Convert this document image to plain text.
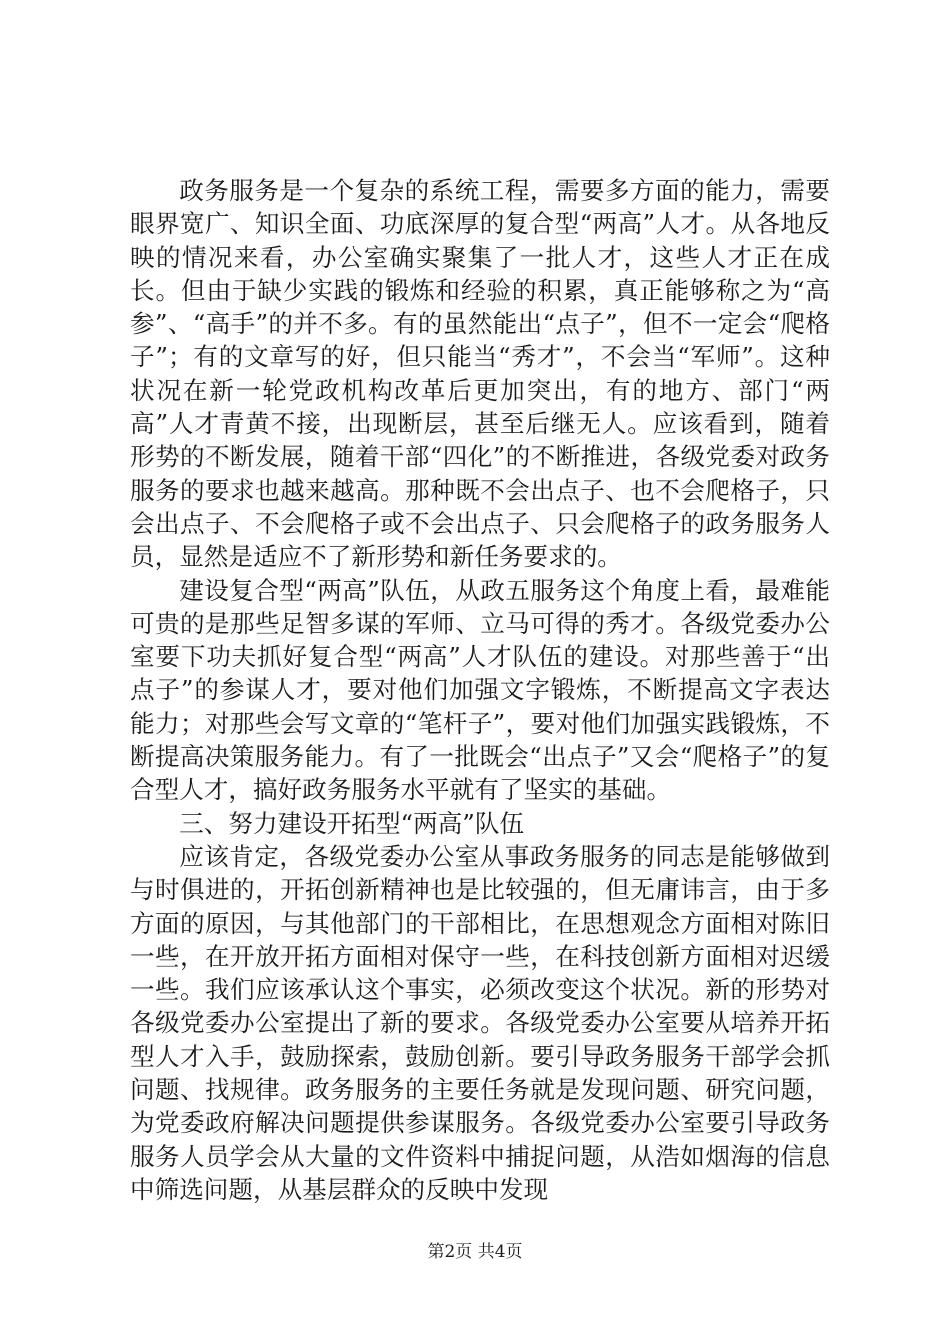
政务服务是一个复杂的系统工程，需要多方面的能力，需要眼界宽广、知识全面、功底深厚的复合型“两高”人才。从各地反映的情况来看，办公室确实聚集了一批人才，这些人才正在成长。但由于缺少实践的锻炼和经验的积累，真正能够称之为“高参”、“高手”的并不多。有的虽然能出“点子”，但不一定会“爬格子”；有的文章写的好，但只能当“秀才”，不会当“军师”。这种状况在新一轮党政机构改革后更加突出，有的地方、部门“两高”人才青黄不接，出现断层，甚至后继无人。应该看到，随着形势的不断发展，随着干部“四化”的不断推进，各级党委对政务服务的要求也越来越高。那种既不会出点子、也不会爬格子，只会出点子、不会爬格子或不会出点子、只会爬格子的政务服务人员，显然是适应不了新形势和新任务要求的。

建设复合型“两高”队伍，从政五服务这个角度上看，最难能可贵的是那些足智多谋的军师、立马可得的秀才。各级党委办公室要下功夫抓好复合型“两高”人才队伍的建设。对那些善于“出点子”的参谋人才，要对他们加强文字锻炼，不断提高文字表达能力；对那些会写文章的“笔杆子”，要对他们加强实践锻炼，不断提高决策服务能力。有了一批既会“出点子”又会“爬格子”的复合型人才，搞好政务服务水平就有了坚实的基础。

三、努力建设开拓型“两高”队伍

应该肯定，各级党委办公室从事政务服务的同志是能够做到与时俱进的，开拓创新精神也是比较强的，但无庸讳言，由于多方面的原因，与其他部门的干部相比，在思想观念方面相对陈旧一些，在开放开拓方面相对保守一些，在科技创新方面相对迟缓一些。我们应该承认这个事实，必须改变这个状况。新的形势对各级党委办公室提出了新的要求。各级党委办公室要从培养开拓型人才入手，鼓励探索，鼓励创新。要引导政务服务干部学会抓问题、找规律。政务服务的主要任务就是发现问题、研究问题，为党委政府解决问题提供参谋服务。各级党委办公室要引导政务服务人员学会从大量的文件资料中捕捉问题，从浩如烟海的信息中筛选问题，从基层群众的反映中发现

第2页 共4页
